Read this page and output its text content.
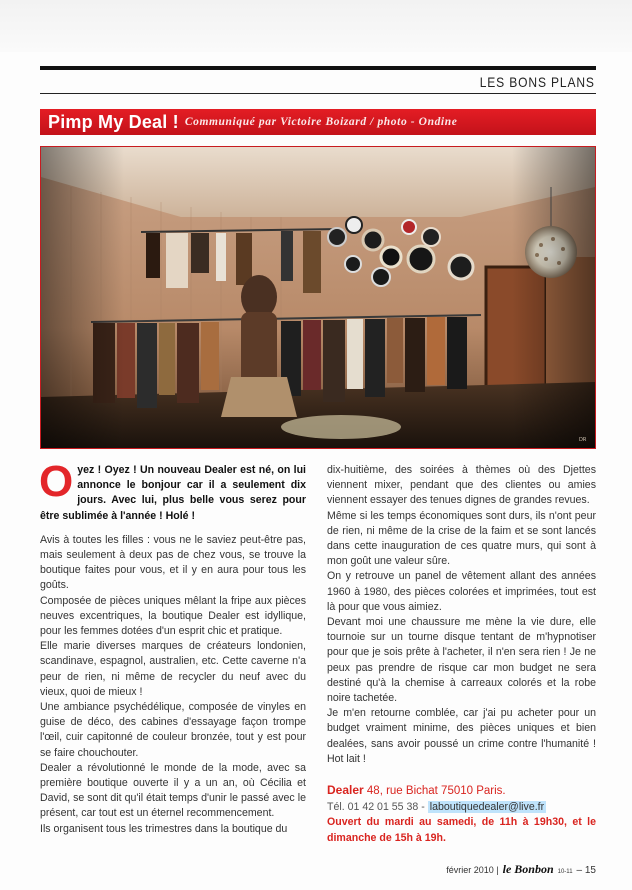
LES BONS PLANS
Pimp My Deal ! Communiqué par Victoire Boizard / photo - Ondine
DR

Oyez ! Oyez ! Un nouveau Dealer est né, on lui annonce le bonjour car il a seulement dix jours. Avec lui, plus belle vous serez pour être sublimée à l'année ! Holé !

Avis à toutes les filles : vous ne le saviez peut-être pas, mais seulement à deux pas de chez vous, se trouve la boutique faites pour vous, et il y en aura pour tous les goûts.

Composée de pièces uniques mêlant la fripe aux pièces neuves excentriques, la boutique Dealer est idyllique, pour les femmes dotées d'un esprit chic et pratique.

Elle marie diverses marques de créateurs londonien, scandinave, espagnol, australien, etc. Cette caverne n'a peur de rien, ni même de recycler du neuf avec du vieux, quoi de mieux !

Une ambiance psychédélique, composée de vinyles en guise de déco, des cabines d'essayage façon trompe l'œil, cuir capitonné de couleur bronzée, tout y est pour se faire chouchouter.

Dealer a révolutionné le monde de la mode, avec sa première boutique ouverte il y a un an, où Cécilia et David, se sont dit qu'il était temps d'unir le passé avec le présent, car tout est un éternel recommencement.

Ils organisent tous les trimestres dans la boutique du

dix-huitième, des soirées à thèmes où des Djettes viennent mixer, pendant que des clientes ou amies viennent essayer des tenues dignes de grandes revues.

Même si les temps économiques sont durs, ils n'ont peur de rien, ni même de la crise de la faim et se sont lancés dans cette inauguration de ces quatre murs, qui sont à mon goût une valeur sûre.

On y retrouve un panel de vêtement allant des années 1960 à 1980, des pièces colorées et imprimées, tout est là pour que vous aimiez.

Devant moi une chaussure me mène la vie dure, elle tournoie sur un tourne disque tentant de m'hypnotiser pour que je sois prête à l'acheter, il n'en sera rien ! Je ne peux pas prendre de risque car mon budget ne sera destiné qu'à la chemise à carreaux colorés et la robe noire tachetée.

Je m'en retourne comblée, car j'ai pu acheter pour un budget vraiment minime, des pièces uniques et bien dealées, sans avoir poussé un crime contre l'humanité ! Hot lait !

Dealer 48, rue Bichat 75010 Paris.
Tél. 01 42 01 55 38 - laboutiquedealer@live.fr
Ouvert du mardi au samedi, de 11h à 19h30, et le dimanche de 15h à 19h.

février 2010 | le Bonbon 10-11 – 15
